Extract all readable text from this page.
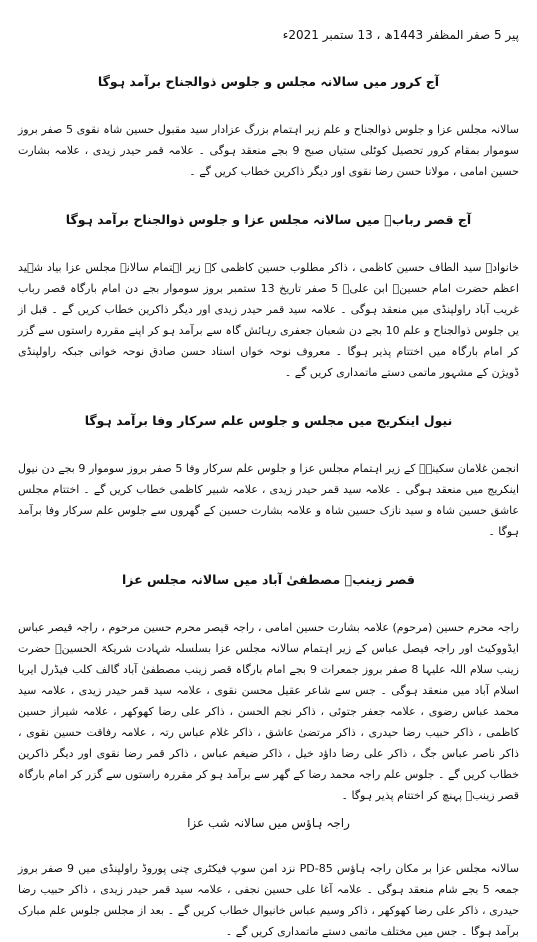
پیر 5 صفر المظفر 1443ھ ، 13 ستمبر 2021ء
آج کرور میں سالانہ مجلس و جلوس ذوالجناح برآمد ہوگا

سالانہ مجلس عزا و جلوس ذوالجناح و علم زیر اہتمام بزرگ عزادار سید مقبول حسین شاہ نقوی 5 صفر بروز سوموار بمقام کرور تحصیل کوٹلی ستیاں صبح 9 بجے منعقد ہوگی ۔ علامہ قمر حیدر زیدی ، علامہ بشارت حسین امامی ، مولانا حسن رضا نقوی اور دیگر ذاکرین خطاب کریں گے ۔

آج قصر ربابؑ میں سالانہ مجلس عزا و جلوس ذوالجناح برآمد ہوگا

خانوادہ سید الطاف حسین کاظمی ، ذاکر مطلوب حسین کاظمی کے زیر اہتمام سالانہ مجلس عزا بیاد شہید اعظم حضرت امام حسینؑ ابن علیؑ 5 صفر تاریخ 13 ستمبر بروز سوموار بجے دن امام بارگاہ قصر رباب غریب آباد راولپنڈی میں منعقد ہوگی ۔ علامہ سید قمر حیدر زیدی اور دیگر ذاکرین خطاب کریں گے ۔ قبل از یں جلوس ذوالجناح و علم 10 بجے دن شعبان جعفری رہائش گاہ سے برآمد ہو کر اپنے مقررہ راستوں سے گزر کر امام بارگاہ میں اختتام پذیر ہوگا ۔ معروف نوحہ خواں استاد حسن صادق نوحہ خوانی جبکہ راولپنڈی ڈویژن کے مشہور ماتمی دستے ماتمداری کریں گے ۔

نیول اینکریج میں مجلس و جلوس علم سرکار وفا برآمد ہوگا

انجمن غلامان سکینہؑ کے زیر اہتمام مجلس عزا و جلوس علم سرکار وفا 5 صفر بروز سوموار 9 بجے دن نیول اینکریج میں منعقد ہوگی ۔ علامہ سید قمر حیدر زیدی ، علامہ شبیر کاظمی خطاب کریں گے ۔ اختتام مجلس عاشق حسین شاہ و سید نازک حسین شاہ و علامہ بشارت حسین کے گھروں سے جلوس علم سرکار وفا برآمد ہوگا ۔

قصر زینبؑ مصطفیٰ آباد میں سالانہ مجلس عزا

راجہ محرم حسین (مرحوم) علامہ بشارت حسین امامی ، راجہ قیصر محرم حسین مرحوم ، راجہ قیصر عباس ایڈووکیٹ اور راجہ فیصل عباس کے زیر اہتمام سالانہ مجلس عزا بسلسلہ شہادت شریکۃ الحسینؑ حضرت زینب سلام اللہ علیہا 8 صفر بروز جمعرات 9 بجے امام بارگاہ قصر زینب مصطفیٰ آباد گالف کلب فیڈرل ایریا اسلام آباد میں منعقد ہوگی ۔ جس سے شاعر عقیل محسن نقوی ، علامہ سید قمر حیدر زیدی ، علامہ سید محمد عباس رضوی ، علامہ جعفر جتوئی ، ذاکر نجم الحسن ، ذاکر علی رضا کھوکھر ، علامہ شیراز حسین کاظمی ، ذاکر حبیب رضا حیدری ، ذاکر مرتضیٰ عاشق ، ذاکر غلام عباس رتہ ، علامہ رفاقت حسین نقوی ، ذاکر ناصر عباس جگ ، ذاکر علی رضا داؤد خیل ، ذاکر ضیغم عباس ، ذاکر قمر رضا نقوی اور دیگر ذاکرین خطاب کریں گے ۔ جلوس علم راجہ محمد رضا کے گھر سے برآمد ہو کر مقررہ راستوں سے گزر کر امام بارگاہ قصر زینبؑ پہنچ کر اختتام پذیر ہوگا ۔

راجہ ہاؤس میں سالانہ شب عزا

سالانہ مجلس عزا بر مکان راجہ ہاؤس PD-85 نزد امن سوپ فیکٹری چنی پوروڈ راولپنڈی میں 9 صفر بروز جمعہ 5 بجے شام منعقد ہوگی ۔ علامہ آغا علی حسین نجفی ، علامہ سید قمر حیدر زیدی ، ذاکر حبیب رضا حیدری ، ذاکر علی رضا کھوکھر ، ذاکر وسیم عباس خانیوال خطاب کریں گے ۔ بعد از مجلس جلوس علم مبارک برآمد ہوگا ۔ جس میں مختلف ماتمی دستے ماتمداری کریں گے ۔
